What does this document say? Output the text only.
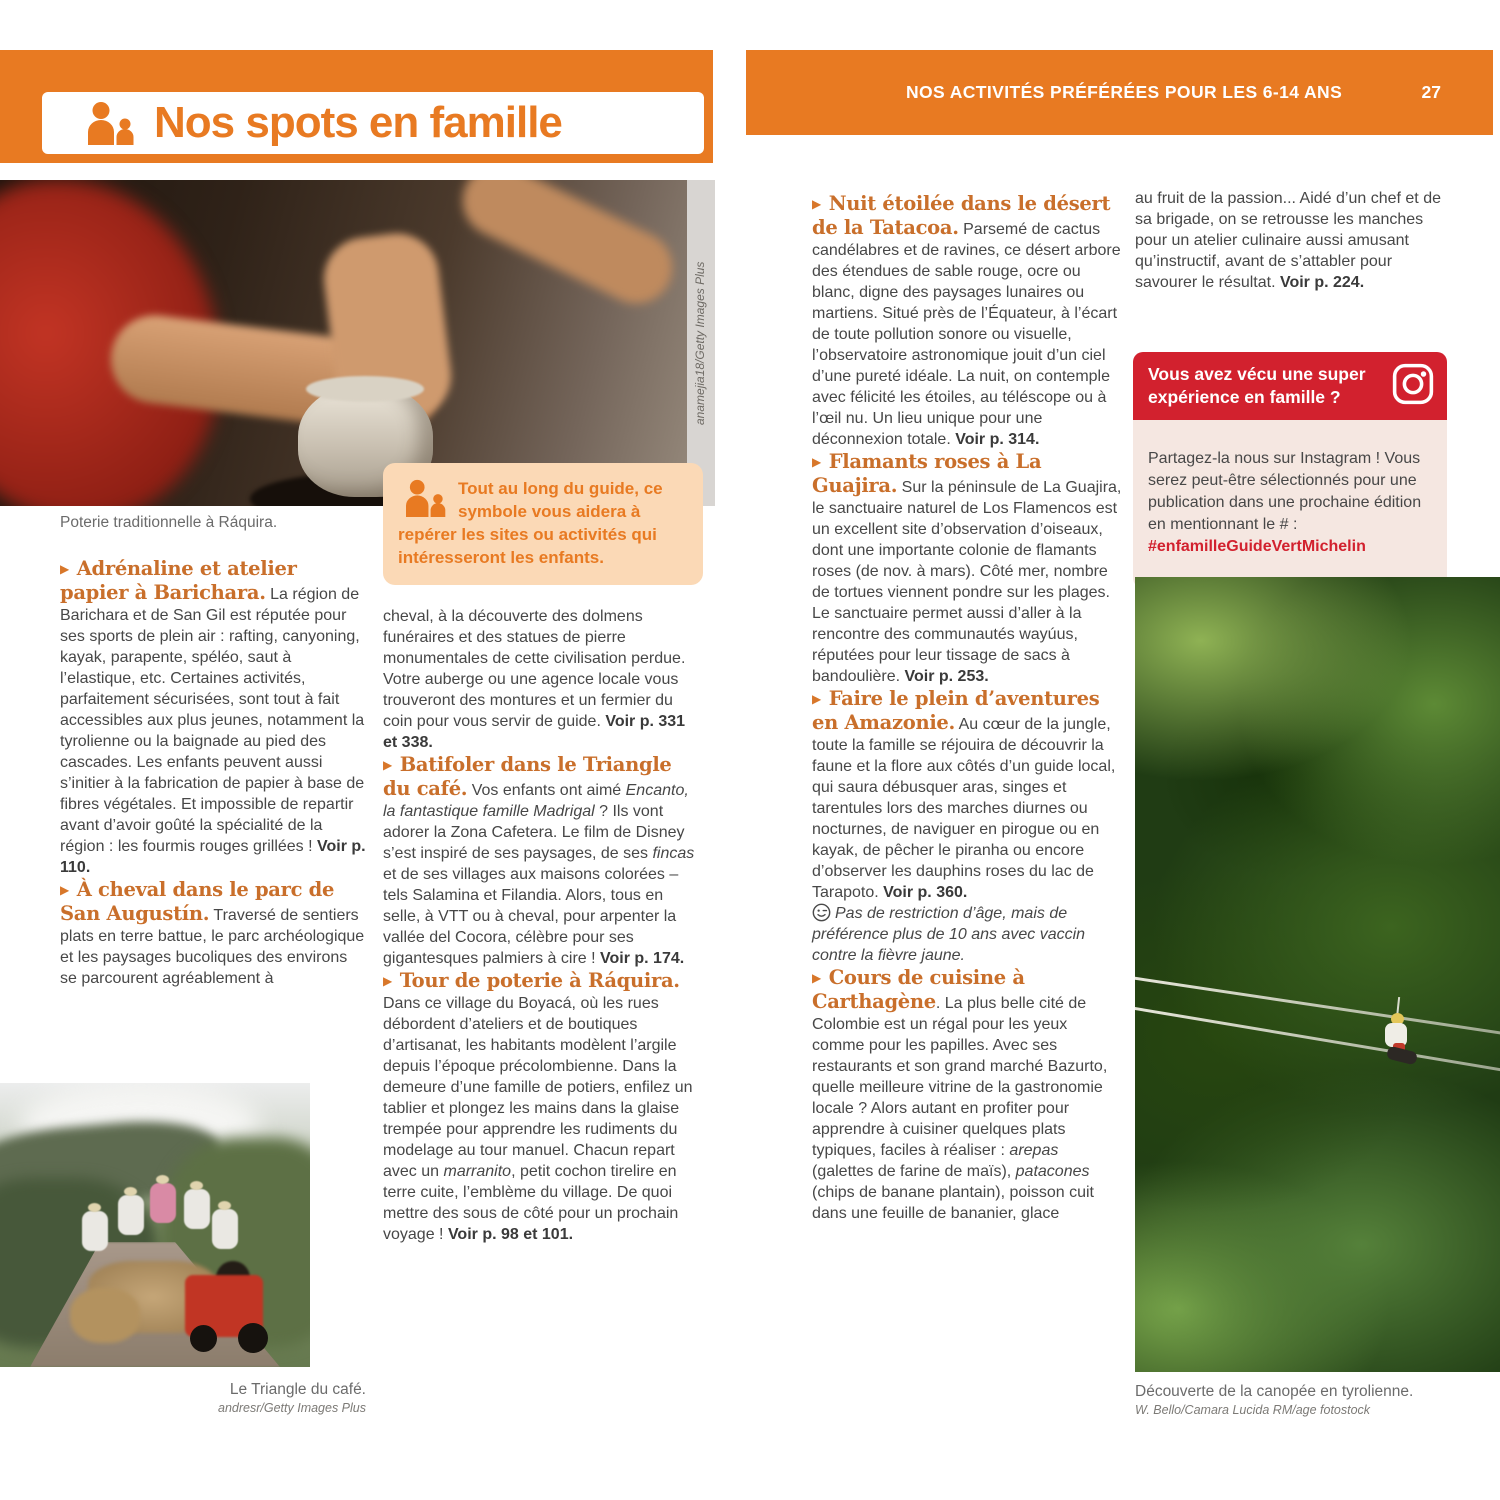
NOS ACTIVITÉS PRÉFÉRÉES POUR LES 6-14 ANS	27
Nos spots en famille
anamejia18/Getty Images Plus
Poterie traditionnelle à Ráquira.

▶  Adrénaline et atelier papier à Barichara. La région de Barichara et de San Gil est réputée pour ses sports de plein air : rafting, canyoning, kayak, parapente, spéléo, saut à l’elastique, etc. Certaines activités, parfaitement sécurisées, sont tout à fait accessibles aux plus jeunes, notamment la tyrolienne ou la baignade au pied des cascades. Les enfants peuvent aussi s’initier à la fabrication de papier à base de fibres végétales. Et impossible de repartir avant d’avoir goûté la spécialité de la région : les fourmis rouges grillées ! Voir p. 110.

▶  À cheval dans le parc de San Augustín. Traversé de sentiers plats en terre battue, le parc archéologique et les paysages bucoliques des environs se parcourent agréablement à

Tout au long du guide, ce symbole vous aidera à repérer les sites ou activités qui intéresseront les enfants.

cheval, à la découverte des dolmens funéraires et des statues de pierre monumentales de cette civilisation perdue. Votre auberge ou une agence locale vous trouveront des montures et un fermier du coin pour vous servir de guide. Voir p. 331 et 338.

▶  Batifoler dans le Triangle du café. Vos enfants ont aimé Encanto, la fantastique famille Madrigal ? Ils vont adorer la Zona Cafetera. Le film de Disney s’est inspiré de ses paysages, de ses fincas et de ses villages aux maisons colorées – tels Salamina et Filandia. Alors, tous en selle, à VTT ou à cheval, pour arpenter la vallée del Cocora, célèbre pour ses gigantesques palmiers à cire ! Voir p. 174.

▶  Tour de poterie à Ráquira. Dans ce village du Boyacá, où les rues débordent d’ateliers et de boutiques d’artisanat, les habitants modèlent l’argile depuis l’époque précolombienne. Dans la demeure d’une famille de potiers, enfilez un tablier et plongez les mains dans la glaise trempée pour apprendre les rudiments du modelage au tour manuel. Chacun repart avec un marranito, petit cochon tirelire en terre cuite, l’emblème du village. De quoi mettre des sous de côté pour un prochain voyage ! Voir p. 98 et 101.

Le Triangle du café.
andresr/Getty Images Plus

▶  Nuit étoilée dans le désert de la Tatacoa. Parsemé de cactus candélabres et de ravines, ce désert arbore des étendues de sable rouge, ocre ou blanc, digne des paysages lunaires ou martiens. Situé près de l’Équateur, à l’écart de toute pollution sonore ou visuelle, l’observatoire astronomique jouit d’un ciel d’une pureté idéale. La nuit, on contemple avec félicité les étoiles, au téléscope ou à l’œil nu. Un lieu unique pour une déconnexion totale. Voir p. 314.

▶  Flamants roses à La Guajira. Sur la péninsule de La Guajira, le sanctuaire naturel de Los Flamencos est un excellent site d’observation d’oiseaux, dont une importante colonie de flamants roses (de nov. à mars). Côté mer, nombre de tortues viennent pondre sur les plages. Le sanctuaire permet aussi d’aller à la rencontre des communautés wayúus, réputées pour leur tissage de sacs à bandoulière. Voir p. 253.

▶  Faire le plein d’aventures en Amazonie. Au cœur de la jungle, toute la famille se réjouira de découvrir la faune et la flore aux côtés d’un guide local, qui saura débusquer aras, singes et tarentules lors des marches diurnes ou nocturnes, de naviguer en pirogue ou en kayak, de pêcher le piranha ou encore d’observer les dauphins roses du lac de Tarapoto. Voir p. 360.

Pas de restriction d’âge, mais de préférence plus de 10 ans avec vaccin contre la fièvre jaune.

▶  Cours de cuisine à Carthagène. La plus belle cité de Colombie est un régal pour les yeux comme pour les papilles. Avec ses restaurants et son grand marché Bazurto, quelle meilleure vitrine de la gastronomie locale ? Alors autant en profiter pour apprendre à cuisiner quelques plats typiques, faciles à réaliser : arepas (galettes de farine de maïs), patacones (chips de banane plantain), poisson cuit dans une feuille de bananier, glace

au fruit de la passion... Aidé d’un chef et de sa brigade, on se retrousse les manches pour un atelier culinaire aussi amusant qu’instructif, avant de s’attabler pour savourer le résultat. Voir p. 224.

Vous avez vécu une super expérience en famille ?

Partagez-la nous sur Instagram ! Vous serez peut-être sélectionnés pour une publication dans une prochaine édition en mentionnant le # : #enfamilleGuideVertMichelin

Découverte de la canopée en tyrolienne.
W. Bello/Camara Lucida RM/age fotostock
